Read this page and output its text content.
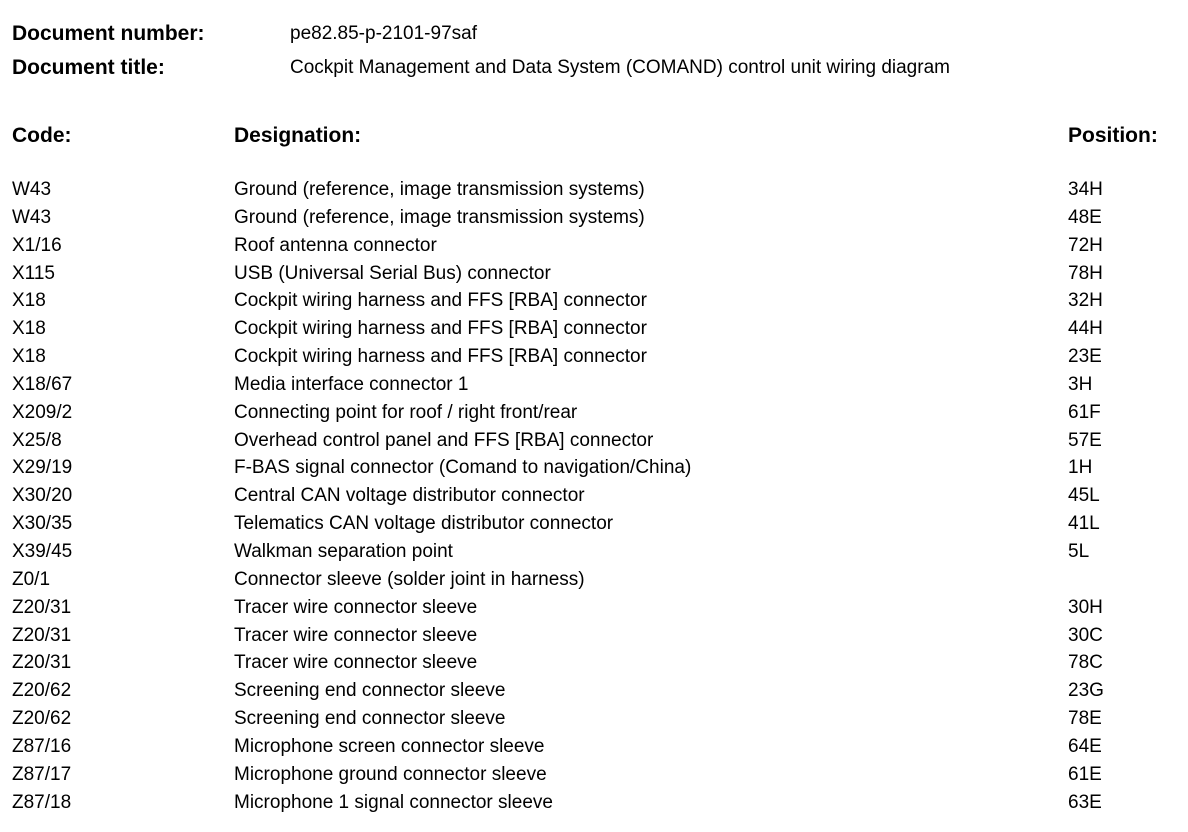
Document number:	pe82.85-p-2101-97saf
Document title:	Cockpit Management and Data System (COMAND) control unit wiring diagram
Code:	Designation:	Position:
W43	Ground (reference, image transmission systems)	34H
W43	Ground (reference, image transmission systems)	48E
X1/16	Roof antenna connector	72H
X115	USB (Universal Serial Bus) connector	78H
X18	Cockpit wiring harness and FFS [RBA] connector	32H
X18	Cockpit wiring harness and FFS [RBA] connector	44H
X18	Cockpit wiring harness and FFS [RBA] connector	23E
X18/67	Media interface connector 1	3H
X209/2	Connecting point for roof / right front/rear	61F
X25/8	Overhead control panel and FFS [RBA] connector	57E
X29/19	F-BAS signal connector (Comand to navigation/China)	1H
X30/20	Central CAN voltage distributor connector	45L
X30/35	Telematics CAN voltage distributor connector	41L
X39/45	Walkman separation point	5L
Z0/1	Connector sleeve (solder joint in harness)
Z20/31	Tracer wire connector sleeve	30H
Z20/31	Tracer wire connector sleeve	30C
Z20/31	Tracer wire connector sleeve	78C
Z20/62	Screening end connector sleeve	23G
Z20/62	Screening end connector sleeve	78E
Z87/16	Microphone screen connector sleeve	64E
Z87/17	Microphone ground connector sleeve	61E
Z87/18	Microphone 1 signal connector sleeve	63E
